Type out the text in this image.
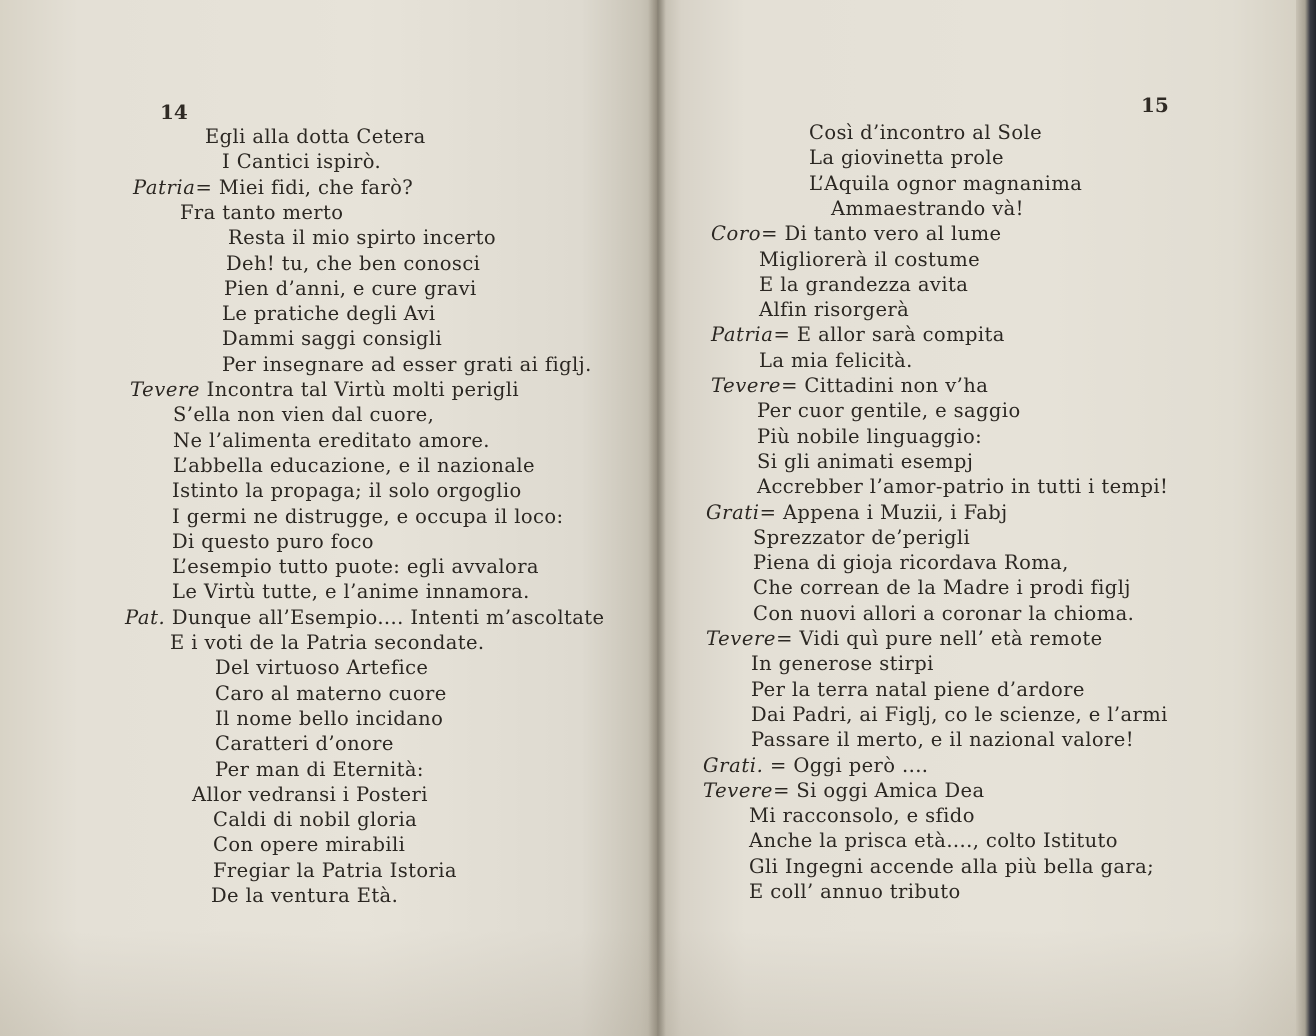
14
Egli alla dotta Cetera
I Cantici ispirò.
Patria= Miei fidi, che farò?
Fra tanto merto
Resta il mio spirto incerto
Deh! tu, che ben conosci
Pien d’anni, e cure gravi
Le pratiche degli Avi
Dammi saggi consigli
Per insegnare ad esser grati ai figlj.
Tevere Incontra tal Virtù molti perigli
S’ella non vien dal cuore,
Ne l’alimenta ereditato amore.
L’abbella educazione, e il nazionale
Istinto la propaga; il solo orgoglio
I germi ne distrugge, e occupa il loco:
Di questo puro foco
L’esempio tutto puote: egli avvalora
Le Virtù tutte, e l’anime innamora.
Pat. Dunque all’Esempio.... Intenti m’ascoltate
E i voti de la Patria secondate.
Del virtuoso Artefice
Caro al materno cuore
Il nome bello incidano
Caratteri d’onore
Per man di Eternità:
Allor vedransi i Posteri
Caldi di nobil gloria
Con opere mirabili
Fregiar la Patria Istoria
De la ventura Età.
15
Così d’incontro al Sole
La giovinetta prole
L’Aquila ognor magnanima
Ammaestrando và!
Coro= Di tanto vero al lume
Migliorerà il costume
E la grandezza avita
Alfin risorgerà
Patria= E allor sarà compita
La mia felicità.
Tevere= Cittadini non v’ha
Per cuor gentile, e saggio
Più nobile linguaggio:
Si gli animati esempj
Accrebber l’amor-patrio in tutti i tempi!
Grati= Appena i Muzii, i Fabj
Sprezzator de’perigli
Piena di gioja ricordava Roma,
Che correan de la Madre i prodi figlj
Con nuovi allori a coronar la chioma.
Tevere= Vidi quì pure nell’ età remote
In generose stirpi
Per la terra natal piene d’ardore
Dai Padri, ai Figlj, co le scienze, e l’armi
Passare il merto, e il nazional valore!
Grati. = Oggi però ....
Tevere= Si oggi Amica Dea
Mi racconsolo, e sfido
Anche la prisca età...., colto Istituto
Gli Ingegni accende alla più bella gara;
E coll’ annuo tributo
